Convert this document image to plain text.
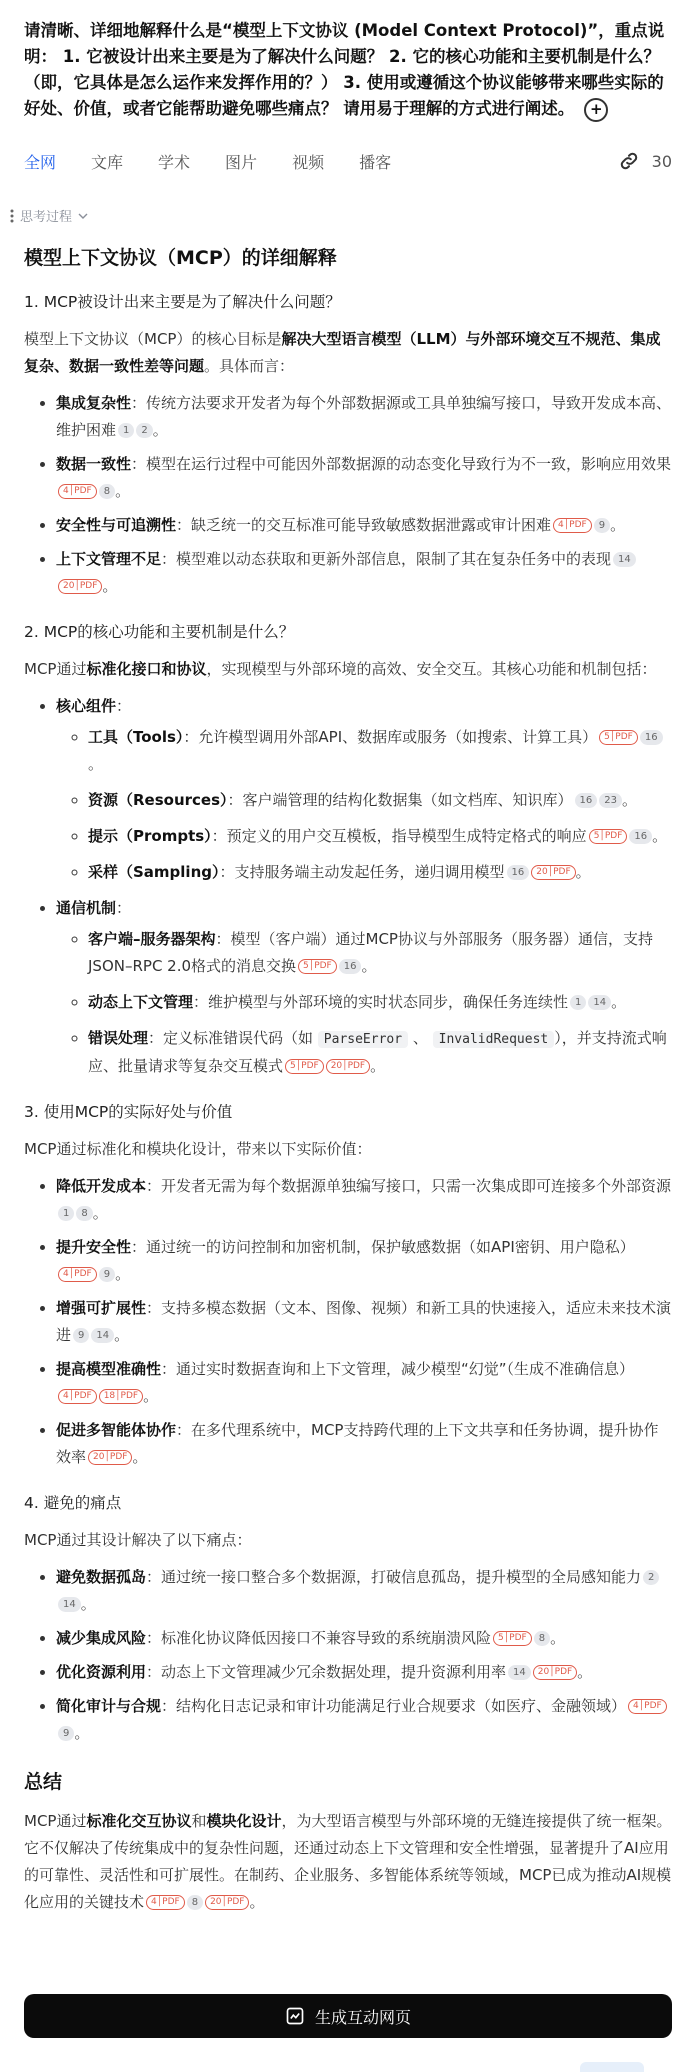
请清晰、详细地解释什么是“模型上下文协议 (Model Context Protocol)”，重点说明： 1. 它被设计出来主要是为了解决什么问题？ 2. 它的核心功能和主要机制是什么？（即，它具体是怎么运作来发挥作用的？） 3. 使用或遵循这个协议能够带来哪些实际的好处、价值，或者它能帮助避免哪些痛点？ 请用易于理解的方式进行阐述。 +
全网 文库 学术 图片 视频 播客	30
思考过程
模型上下文协议（MCP）的详细解释
1. MCP被设计出来主要是为了解决什么问题？

模型上下文协议（MCP）的核心目标是解决大型语言模型（LLM）与外部环境交互不规范、集成复杂、数据一致性差等问题。具体而言：

• 集成复杂性：传统方法要求开发者为每个外部数据源或工具单独编写接口，导致开发成本高、维护困难 1 2 。
• 数据一致性：模型在运行过程中可能因外部数据源的动态变化导致行为不一致，影响应用效果4│PDF 8 。
• 安全性与可追溯性：缺乏统一的交互标准可能导致敏感数据泄露或审计困难 4│PDF 9 。
• 上下文管理不足：模型难以动态获取和更新外部信息，限制了其在复杂任务中的表现 1420│PDF 。
2. MCP的核心功能和主要机制是什么？

MCP通过标准化接口和协议，实现模型与外部环境的高效、安全交互。其核心功能和机制包括：

• 核心组件：
◦ 工具（Tools）：允许模型调用外部API、数据库或服务（如搜索、计算工具） 5│PDF 16。
◦ 资源（Resources）：客户端管理的结构化数据集（如文档库、知识库） 16 23 。
◦ 提示（Prompts）：预定义的用户交互模板，指导模型生成特定格式的响应 5│PDF 16 。
◦ 采样（Sampling）：支持服务端主动发起任务，递归调用模型 16 20│PDF 。
• 通信机制：
◦ 客户端–服务器架构：模型（客户端）通过MCP协议与外部服务（服务器）通信，支持JSON–RPC 2.0格式的消息交换 5│PDF 16 。
◦ 动态上下文管理：维护模型与外部环境的实时状态同步，确保任务连续性 1 14 。
◦ 错误处理：定义标准错误代码（如 ParseError 、 InvalidRequest ），并支持流式响应、批量请求等复杂交互模式 5│PDF 20│PDF 。
3. 使用MCP的实际好处与价值

MCP通过标准化和模块化设计，带来以下实际价值：

• 降低开发成本：开发者无需为每个数据源单独编写接口，只需一次集成即可连接多个外部资源1 8 。
• 提升安全性：通过统一的访问控制和加密机制，保护敏感数据（如API密钥、用户隐私）4│PDF 9 。
• 增强可扩展性：支持多模态数据（文本、图像、视频）和新工具的快速接入，适应未来技术演进 9 14 。
• 提高模型准确性：通过实时数据查询和上下文管理，减少模型“幻觉”（生成不准确信息）4│PDF 18│PDF 。
• 促进多智能体协作：在多代理系统中，MCP支持跨代理的上下文共享和任务协调，提升协作效率 20│PDF 。
4. 避免的痛点

MCP通过其设计解决了以下痛点：

• 避免数据孤岛：通过统一接口整合多个数据源，打破信息孤岛，提升模型的全局感知能力 214 。
• 减少集成风险：标准化协议降低因接口不兼容导致的系统崩溃风险 5│PDF 8 。
• 优化资源利用：动态上下文管理减少冗余数据处理，提升资源利用率 14 20│PDF 。
• 简化审计与合规：结构化日志记录和审计功能满足行业合规要求（如医疗、金融领域） 4│PDF9 。
总结

MCP通过标准化交互协议和模块化设计，为大型语言模型与外部环境的无缝连接提供了统一框架。它不仅解决了传统集成中的复杂性问题，还通过动态上下文管理和安全性增强，显著提升了AI应用的可靠性、灵活性和可扩展性。在制药、企业服务、多智能体系统等领域，MCP已成为推动AI规模化应用的关键技术 4│PDF 8 20│PDF 。

生成互动网页
